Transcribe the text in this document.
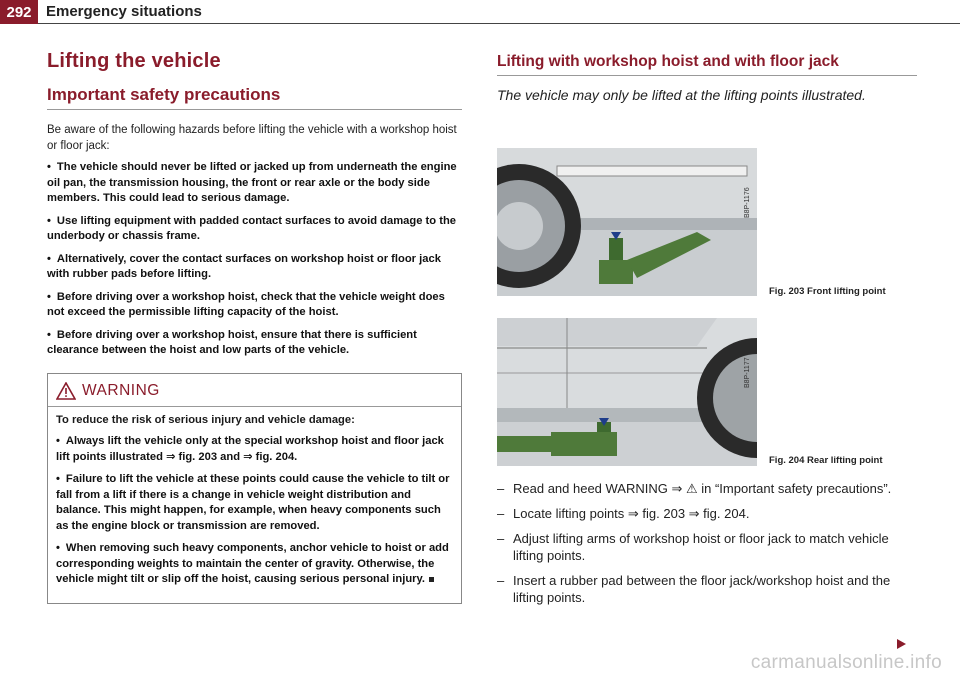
292 Emergency situations
Lifting the vehicle
Important safety precautions

Be aware of the following hazards before lifting the vehicle with a workshop hoist or floor jack:

• The vehicle should never be lifted or jacked up from underneath the engine oil pan, the transmission housing, the front or rear axle or the body side members. This could lead to serious damage.
• Use lifting equipment with padded contact surfaces to avoid damage to the underbody or chassis frame.
• Alternatively, cover the contact surfaces on workshop hoist or floor jack with rubber pads before lifting.
• Before driving over a workshop hoist, check that the vehicle weight does not exceed the permissible lifting capacity of the hoist.
• Before driving over a workshop hoist, ensure that there is sufficient clearance between the hoist and low parts of the vehicle.
WARNING

To reduce the risk of serious injury and vehicle damage:

• Always lift the vehicle only at the special workshop hoist and floor jack lift points illustrated ⇒ fig. 203 and ⇒ fig. 204.
• Failure to lift the vehicle at these points could cause the vehicle to tilt or fall from a lift if there is a change in vehicle weight distribution and balance. This might happen, for example, when heavy components such as the engine block or transmission are removed.
• When removing such heavy components, anchor vehicle to hoist or add corresponding weights to maintain the center of gravity. Otherwise, the vehicle might tilt or slip off the hoist, causing serious personal injury.
Lifting with workshop hoist and with floor jack

The vehicle may only be lifted at the lifting points illustrated.

B8P-1176
Fig. 203 Front lifting point
B8P-1177
Fig. 204 Rear lifting point
– Read and heed WARNING ⇒ ⚠ in “Important safety precautions”.
– Locate lifting points ⇒ fig. 203 ⇒ fig. 204.
– Adjust lifting arms of workshop hoist or floor jack to match vehicle lifting points.
– Insert a rubber pad between the floor jack/workshop hoist and the lifting points.
carmanualsonline.info
